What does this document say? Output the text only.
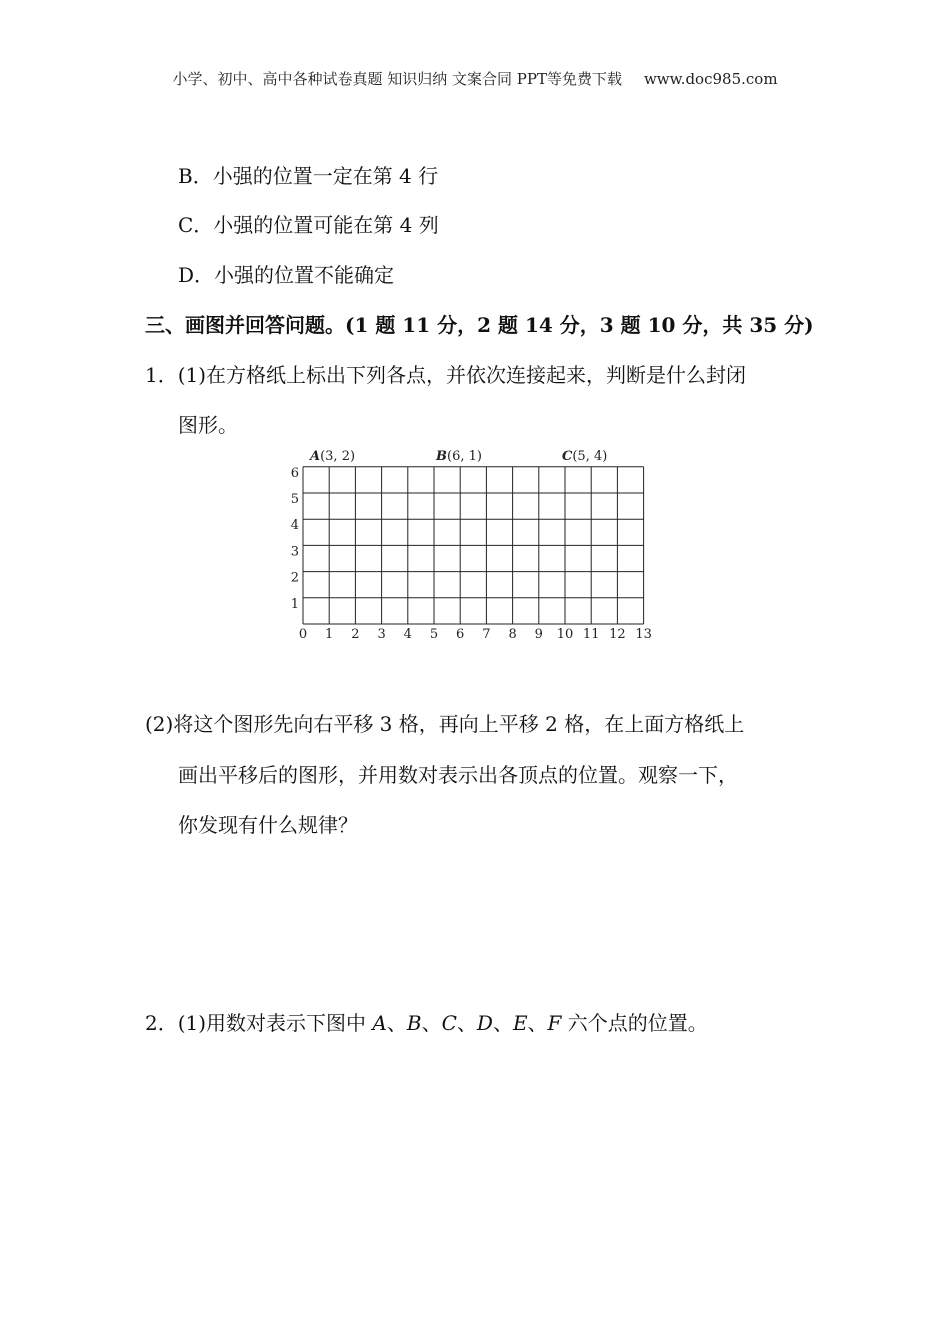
小学、初中、高中各种试卷真题 知识归纳 文案合同 PPT等免费下载 www.doc985.com
B．小强的位置一定在第 4 行
C．小强的位置可能在第 4 列
D．小强的位置不能确定
三、画图并回答问题。(1 题 11 分，2 题 14 分，3 题 10 分，共 35 分)
1．(1)在方格纸上标出下列各点，并依次连接起来，判断是什么封闭
图形。
0 1 2 3 4 5 6 7 8 9 10 11 12 13
1
2
3
4
5
6
A(3, 2)	B(6, 1)	C(5, 4)
(2)将这个图形先向右平移 3 格，再向上平移 2 格，在上面方格纸上
画出平移后的图形，并用数对表示出各顶点的位置。观察一下，
你发现有什么规律？
2．(1)用数对表示下图中 A、B、C、D、E、F 六个点的位置。
